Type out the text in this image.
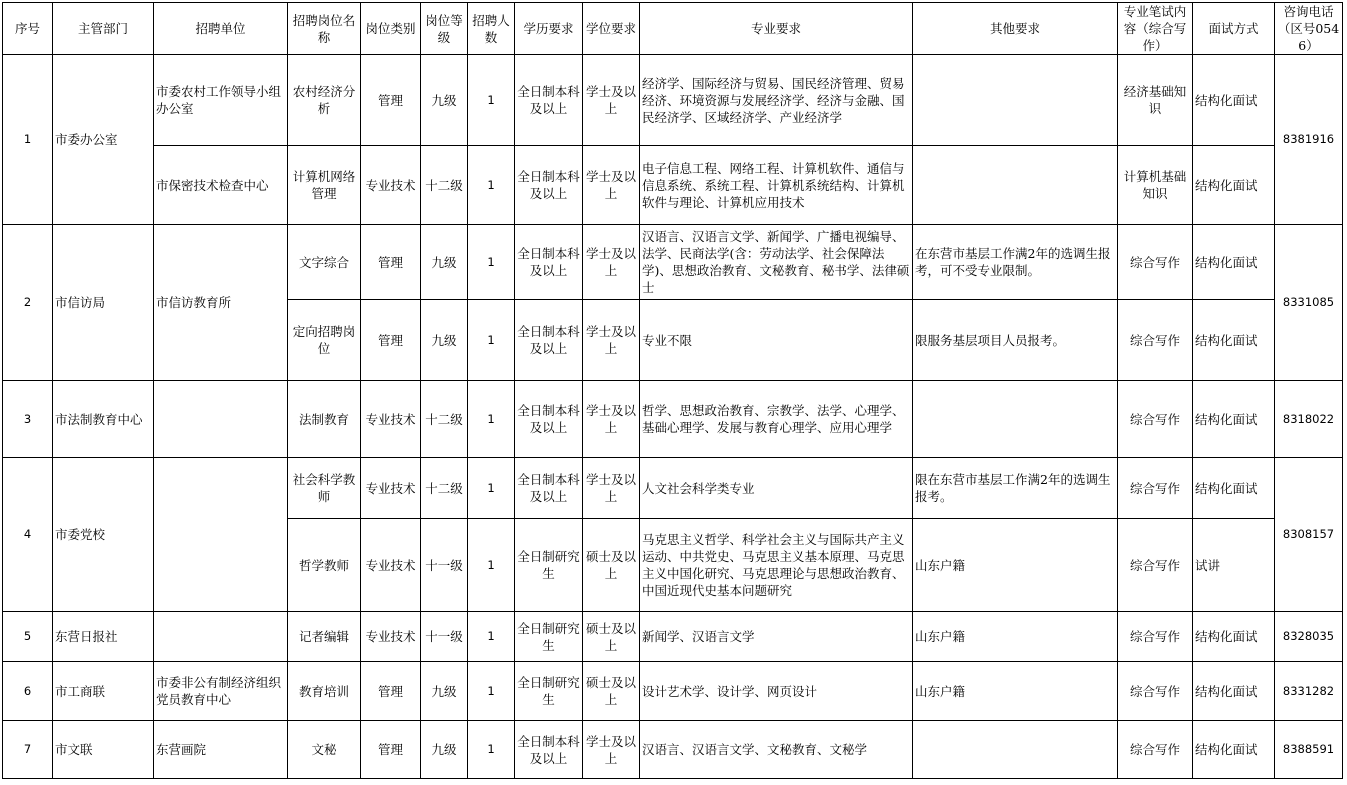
序号	主管部门	招聘单位	招聘岗位名称	岗位类别	岗位等级	招聘人数	学历要求	学位要求	专业要求	其他要求	专业笔试内容（综合写作）	面试方式	咨询电话（区号0546）
1	市委办公室	市委农村工作领导小组办公室	农村经济分析	管理	九级	1	全日制本科及以上	学士及以上	经济学、国际经济与贸易、国民经济管理、贸易经济、环境资源与发展经济学、经济与金融、国民经济学、区域经济学、产业经济学		经济基础知识	结构化面试	8381916
		市保密技术检查中心	计算机网络管理	专业技术	十二级	1	全日制本科及以上	学士及以上	电子信息工程、网络工程、计算机软件、通信与信息系统、系统工程、计算机系统结构、计算机软件与理论、计算机应用技术		计算机基础知识	结构化面试	
2	市信访局	市信访教育所	文字综合	管理	九级	1	全日制本科及以上	学士及以上	汉语言、汉语言文学、新闻学、广播电视编导、法学、民商法学(含：劳动法学、社会保障法学)、思想政治教育、文秘教育、秘书学、法律硕士	在东营市基层工作满2年的选调生报考，可不受专业限制。	综合写作	结构化面试	8331085
			定向招聘岗位	管理	九级	1	全日制本科及以上	学士及以上	专业不限	限服务基层项目人员报考。	综合写作	结构化面试	
3	市法制教育中心		法制教育	专业技术	十二级	1	全日制本科及以上	学士及以上	哲学、思想政治教育、宗教学、法学、心理学、基础心理学、发展与教育心理学、应用心理学		综合写作	结构化面试	8318022
4	市委党校		社会科学教师	专业技术	十二级	1	全日制本科及以上	学士及以上	人文社会科学类专业	限在东营市基层工作满2年的选调生报考。	综合写作	结构化面试	8308157
			哲学教师	专业技术	十一级	1	全日制研究生	硕士及以上	马克思主义哲学、科学社会主义与国际共产主义运动、中共党史、马克思主义基本原理、马克思主义中国化研究、马克思理论与思想政治教育、中国近现代史基本问题研究	山东户籍	综合写作	试讲	
5	东营日报社		记者编辑	专业技术	十一级	1	全日制研究生	硕士及以上	新闻学、汉语言文学	山东户籍	综合写作	结构化面试	8328035
6	市工商联	市委非公有制经济组织党员教育中心	教育培训	管理	九级	1	全日制研究生	硕士及以上	设计艺术学、设计学、网页设计	山东户籍	综合写作	结构化面试	8331282
7	市文联	东营画院	文秘	管理	九级	1	全日制本科及以上	学士及以上	汉语言、汉语言文学、文秘教育、文秘学		综合写作	结构化面试	8388591
